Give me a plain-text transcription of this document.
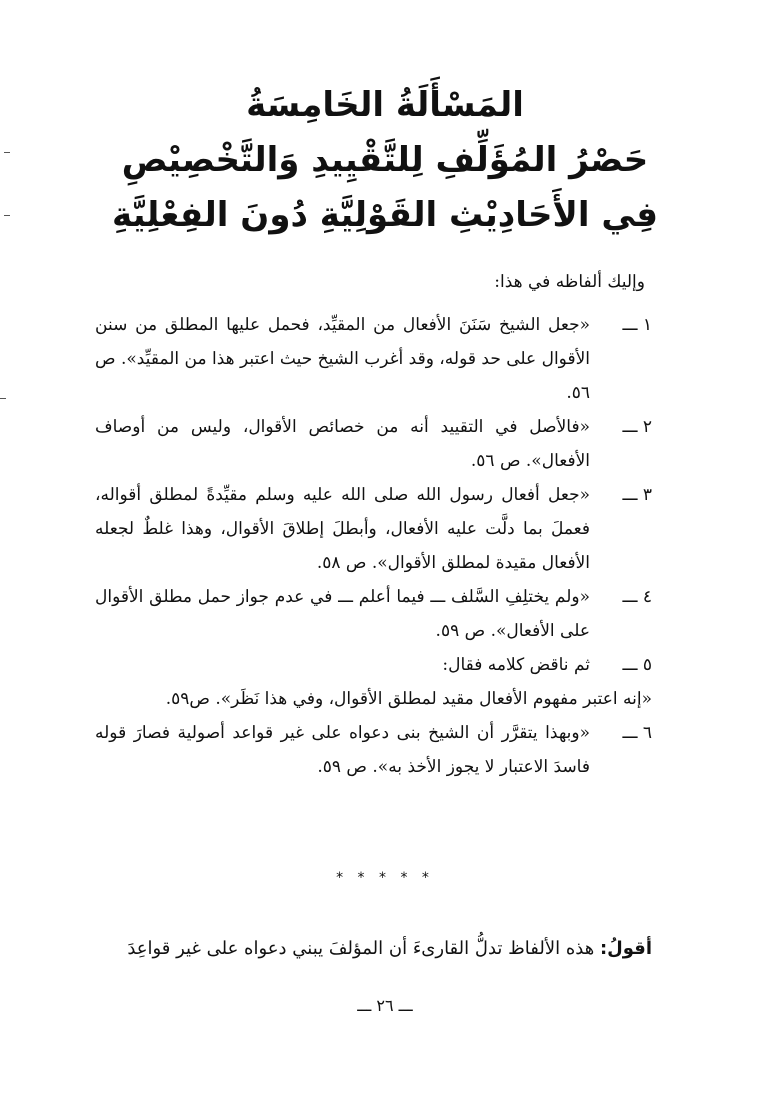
المَسْأَلَةُ الخَامِسَةُ
حَصْرُ المُؤَلِّفِ لِلتَّقْيِيدِ وَالتَّخْصِيْصِ
فِي الأَحَادِيْثِ القَوْلِيَّةِ دُونَ الفِعْلِيَّةِ
وإليك ألفاظه في هذا:
١ ـــ
«جعل الشيخ سَنَنَ الأفعال من المقيِّد، فحمل عليها المطلق من سنن الأقوال على حد قوله، وقد أغرب الشيخ حيث اعتبر هذا من المقيِّد». ص ٥٦.
٢ ـــ
«فالأصل في التقييد أنه من خصائص الأقوال، وليس من أوصاف الأفعال». ص ٥٦.
٣ ـــ
«جعل أفعال رسول الله صلى الله عليه وسلم مقيِّدةً لمطلق أقواله، فعملَ بما دلَّت عليه الأفعال، وأبطلَ إطلاقَ الأقوال، وهذا غلطٌ لجعله الأفعال مقيدة لمطلق الأقوال». ص ٥٨.
٤ ـــ
«ولم يختلِفِ السَّلف ـــ فيما أعلم ـــ في عدم جواز حمل مطلق الأقوال على الأفعال». ص ٥٩.
٥ ـــ
ثم ناقض كلامه فقال:
«إنه اعتبر مفهوم الأفعال مقيد لمطلق الأقوال، وفي هذا نَظَر». ص٥٩.
٦ ـــ
«وبهذا يتقرَّر أن الشيخ بنى دعواه على غير قواعد أصولية فصارَ قوله فاسدَ الاعتبار لا يجوز الأخذ به». ص ٥٩.
* * * * *
أقولُ: هذه الألفاظ تدلُّ القارىءَ أن المؤلفَ يبني دعواه على غير قواعِدَ
ـــ ٢٦ ـــ
